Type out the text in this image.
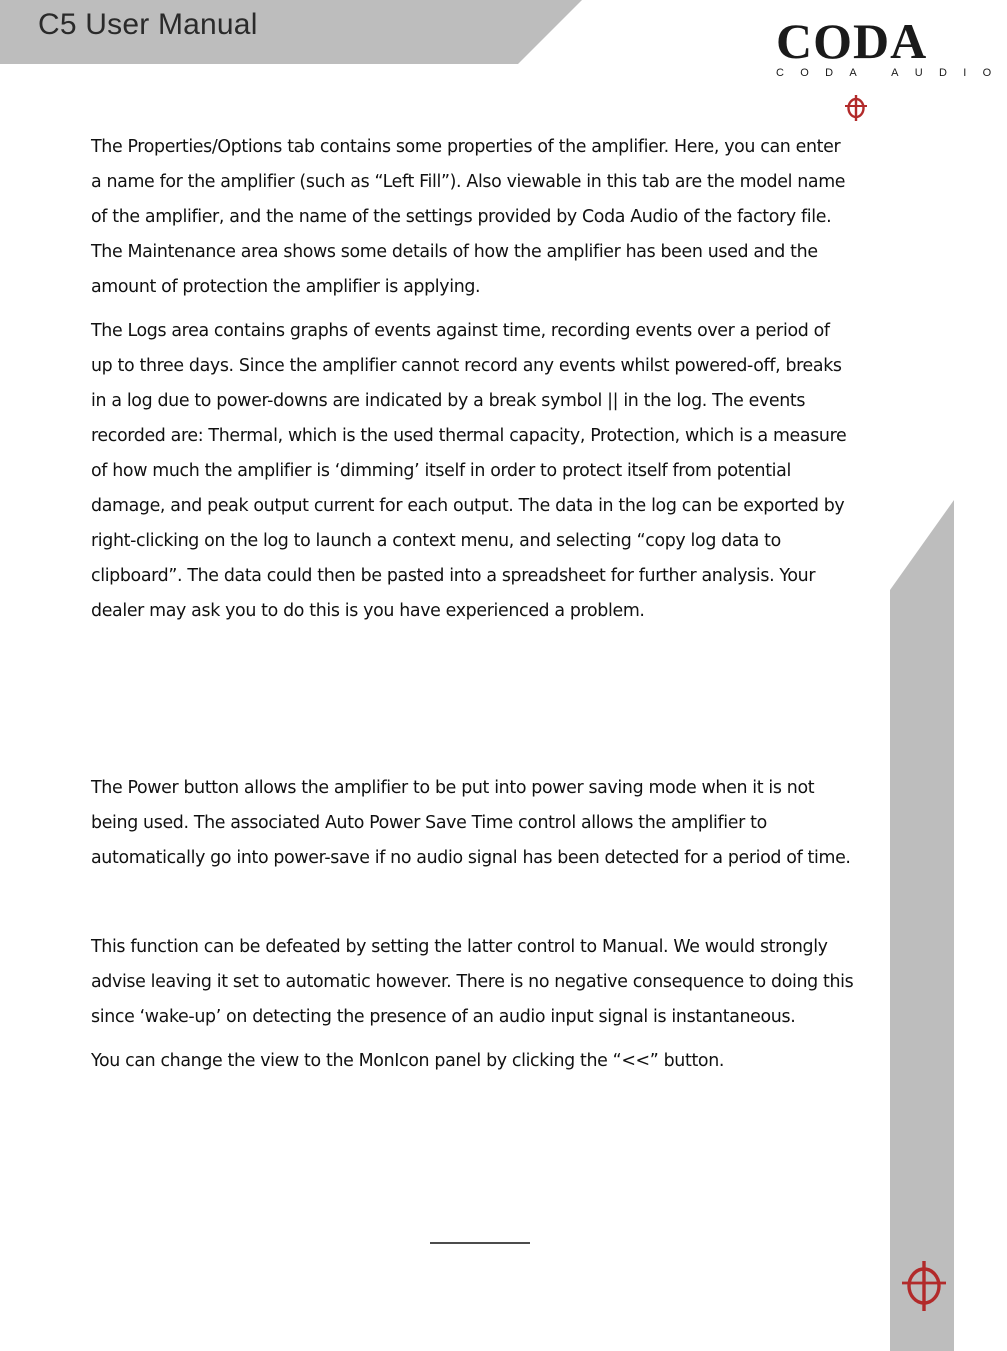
C5 User Manual	CODA
CODA AUDIO

The Properties/Options tab contains some properties of the amplifier. Here, you can enter

a name for the amplifier (such as “Left Fill”). Also viewable in this tab are the model name

of the amplifier, and the name of the settings provided by Coda Audio of the factory file.

The Maintenance area shows some details of how the amplifier has been used and the

amount of protection the amplifier is applying.

The Logs area contains graphs of events against time, recording events over a period of

up to three days. Since the amplifier cannot record any events whilst powered-off, breaks

in a log due to power-downs are indicated by a break symbol || in the log. The events

recorded are: Thermal, which is the used thermal capacity, Protection, which is a measure

of how much the amplifier is ‘dimming’ itself in order to protect itself from potential

damage, and peak output current for each output. The data in the log can be exported by

right-clicking on the log to launch a context menu, and selecting “copy log data to

clipboard”. The data could then be pasted into a spreadsheet for further analysis. Your

dealer may ask you to do this is you have experienced a problem.

The Power button allows the amplifier to be put into power saving mode when it is not

being used. The associated Auto Power Save Time control allows the amplifier to

automatically go into power-save if no audio signal has been detected for a period of time.

This function can be defeated by setting the latter control to Manual. We would strongly

advise leaving it set to automatic however. There is no negative consequence to doing this

since ‘wake-up’ on detecting the presence of an audio input signal is instantaneous.

You can change the view to the MonIcon panel by clicking the “<<” button.
